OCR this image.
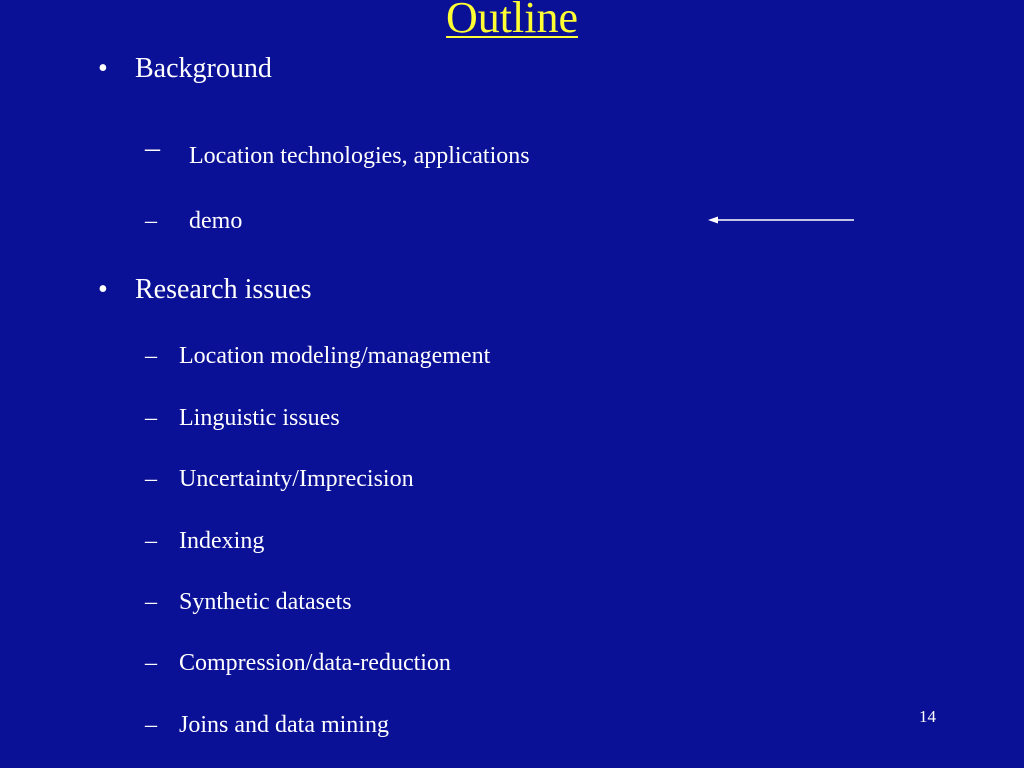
Outline
• Background
– Location technologies, applications
– demo
• Research issues
– Location modeling/management
– Linguistic issues
– Uncertainty/Imprecision
– Indexing
– Synthetic datasets
– Compression/data-reduction
– Joins and data mining	14
